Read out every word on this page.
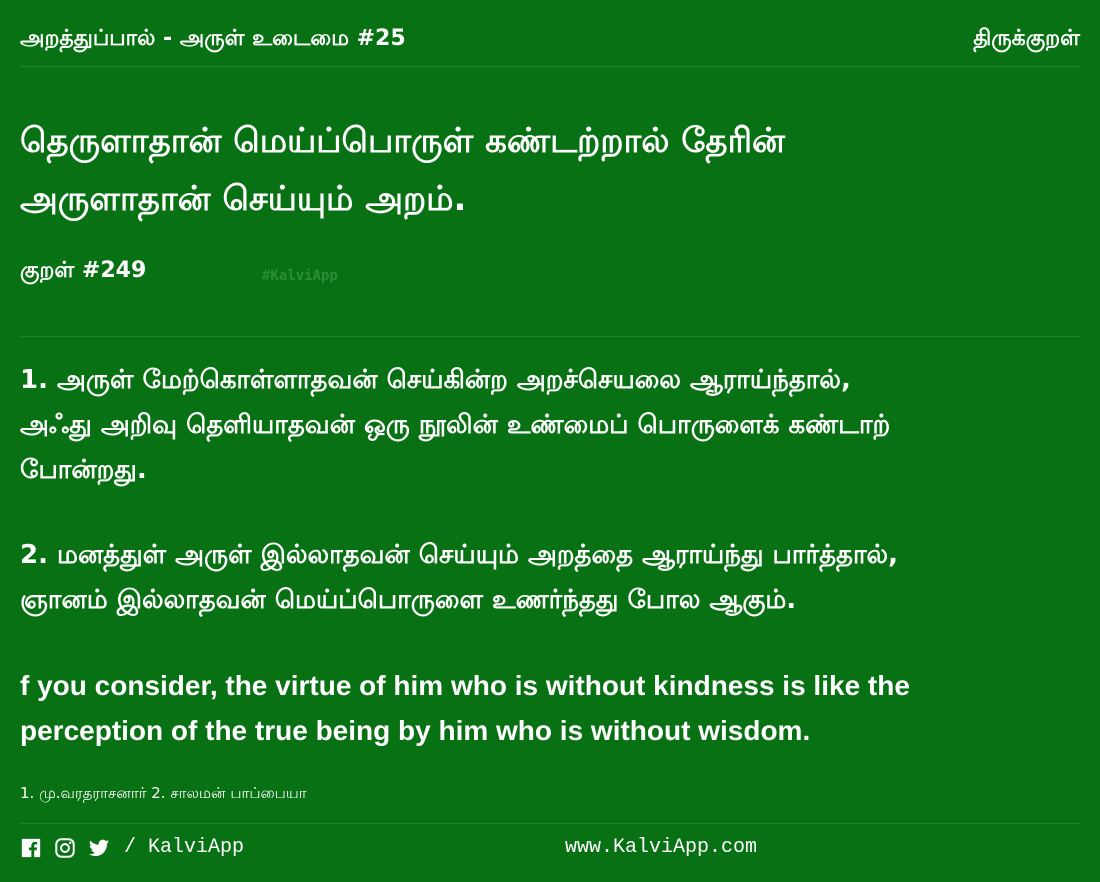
அறத்துப்பால் - அருள் உடைமை #25	திருக்குறள்
தெருளாதான் மெய்ப்பொருள் கண்டற்றால் தேரின்
அருளாதான் செய்யும் அறம்.
குறள் #249	#KalviApp
1. அருள் மேற்கொள்ளாதவன் செய்கின்ற அறச்செயலை ஆராய்ந்தால்,
அஃது அறிவு தெளியாதவன் ஒரு நூலின் உண்மைப் பொருளைக் கண்டாற்
போன்றது.
2. மனத்துள் அருள் இல்லாதவன் செய்யும் அறத்தை ஆராய்ந்து பார்த்தால்,
ஞானம் இல்லாதவன் மெய்ப்பொருளை உணர்ந்தது போல ஆகும்.
f you consider, the virtue of him who is without kindness is like the
perception of the true being by him who is without wisdom.
1. மு.வரதராசனார் 2. சாலமன் பாப்பையா
/ KalviApp	www.KalviApp.com
